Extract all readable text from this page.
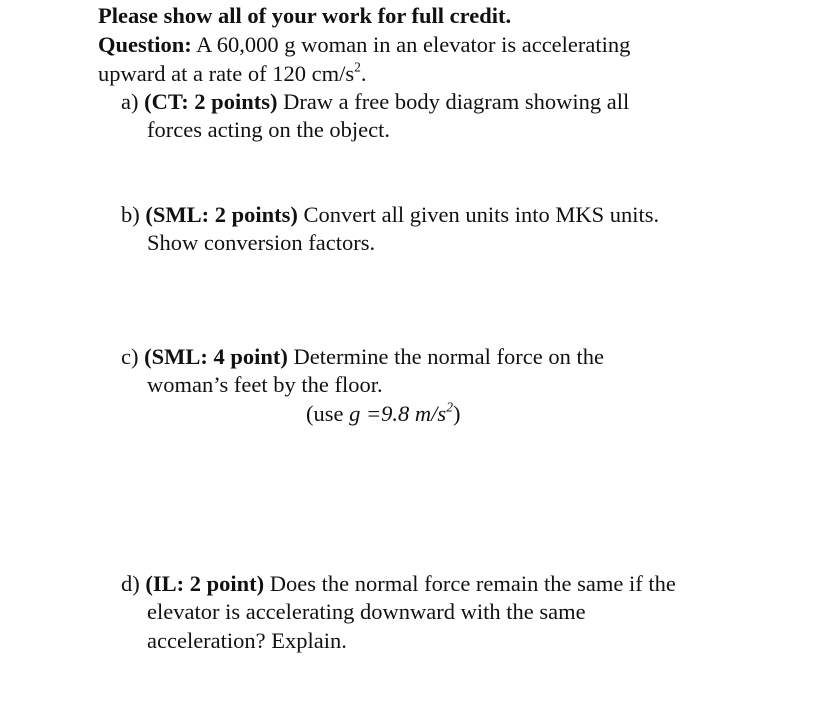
Please show all of your work for full credit.
Question: A 60,000 g woman in an elevator is accelerating
upward at a rate of 120 $cm/s^2$.
a) (CT: 2 points) Draw a free body diagram showing all
forces acting on the object.
b) (SML: 2 points) Convert all given units into MKS units.
Show conversion factors.
c) (SML: 4 point) Determine the normal force on the
woman’s feet by the floor.
(use g =9.8 $m/s^2$)
d) (IL: 2 point) Does the normal force remain the same if the
elevator is accelerating downward with the same
acceleration? Explain.
